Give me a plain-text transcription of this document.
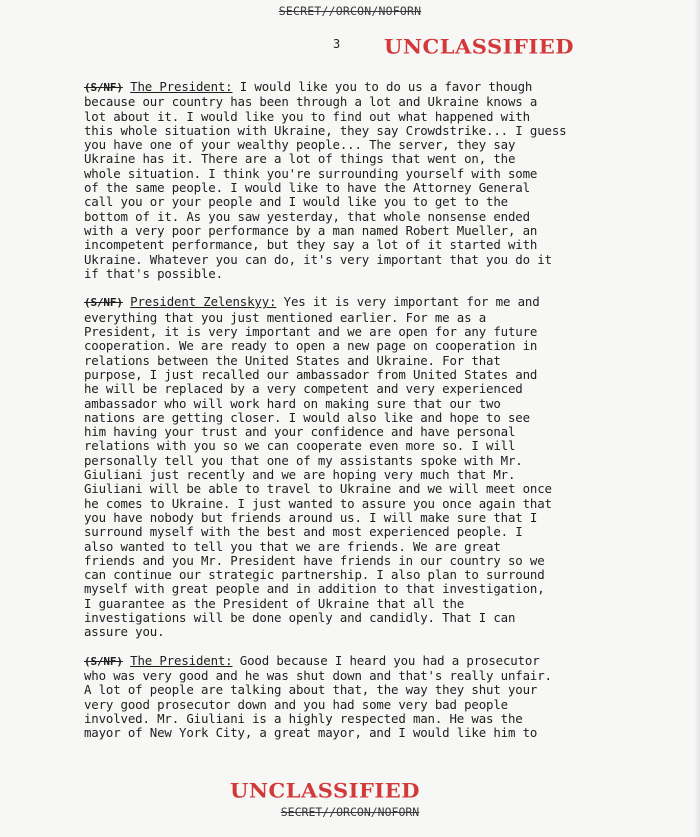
SECRET//ORCON/NOFORN
3 UNCLASSIFIED

(S/NF) The President: I would like you to do us a favor though
because our country has been through a lot and Ukraine knows a
lot about it. I would like you to find out what happened with
this whole situation with Ukraine, they say Crowdstrike... I guess
you have one of your wealthy people... The server, they say
Ukraine has it. There are a lot of things that went on, the
whole situation. I think you're surrounding yourself with some
of the same people. I would like to have the Attorney General
call you or your people and I would like you to get to the
bottom of it. As you saw yesterday, that whole nonsense ended
with a very poor performance by a man named Robert Mueller, an
incompetent performance, but they say a lot of it started with
Ukraine. Whatever you can do, it's very important that you do it
if that's possible.

(S/NF) President Zelenskyy: Yes it is very important for me and
everything that you just mentioned earlier. For me as a
President, it is very important and we are open for any future
cooperation. We are ready to open a new page on cooperation in
relations between the United States and Ukraine. For that
purpose, I just recalled our ambassador from United States and
he will be replaced by a very competent and very experienced
ambassador who will work hard on making sure that our two
nations are getting closer. I would also like and hope to see
him having your trust and your confidence and have personal
relations with you so we can cooperate even more so. I will
personally tell you that one of my assistants spoke with Mr.
Giuliani just recently and we are hoping very much that Mr.
Giuliani will be able to travel to Ukraine and we will meet once
he comes to Ukraine. I just wanted to assure you once again that
you have nobody but friends around us. I will make sure that I
surround myself with the best and most experienced people. I
also wanted to tell you that we are friends. We are great
friends and you Mr. President have friends in our country so we
can continue our strategic partnership. I also plan to surround
myself with great people and in addition to that investigation,
I guarantee as the President of Ukraine that all the
investigations will be done openly and candidly. That I can
assure you.

(S/NF) The President: Good because I heard you had a prosecutor
who was very good and he was shut down and that's really unfair.
A lot of people are talking about that, the way they shut your
very good prosecutor down and you had some very bad people
involved. Mr. Giuliani is a highly respected man. He was the
mayor of New York City, a great mayor, and I would like him to

UNCLASSIFIED
SECRET//ORCON/NOFORN
